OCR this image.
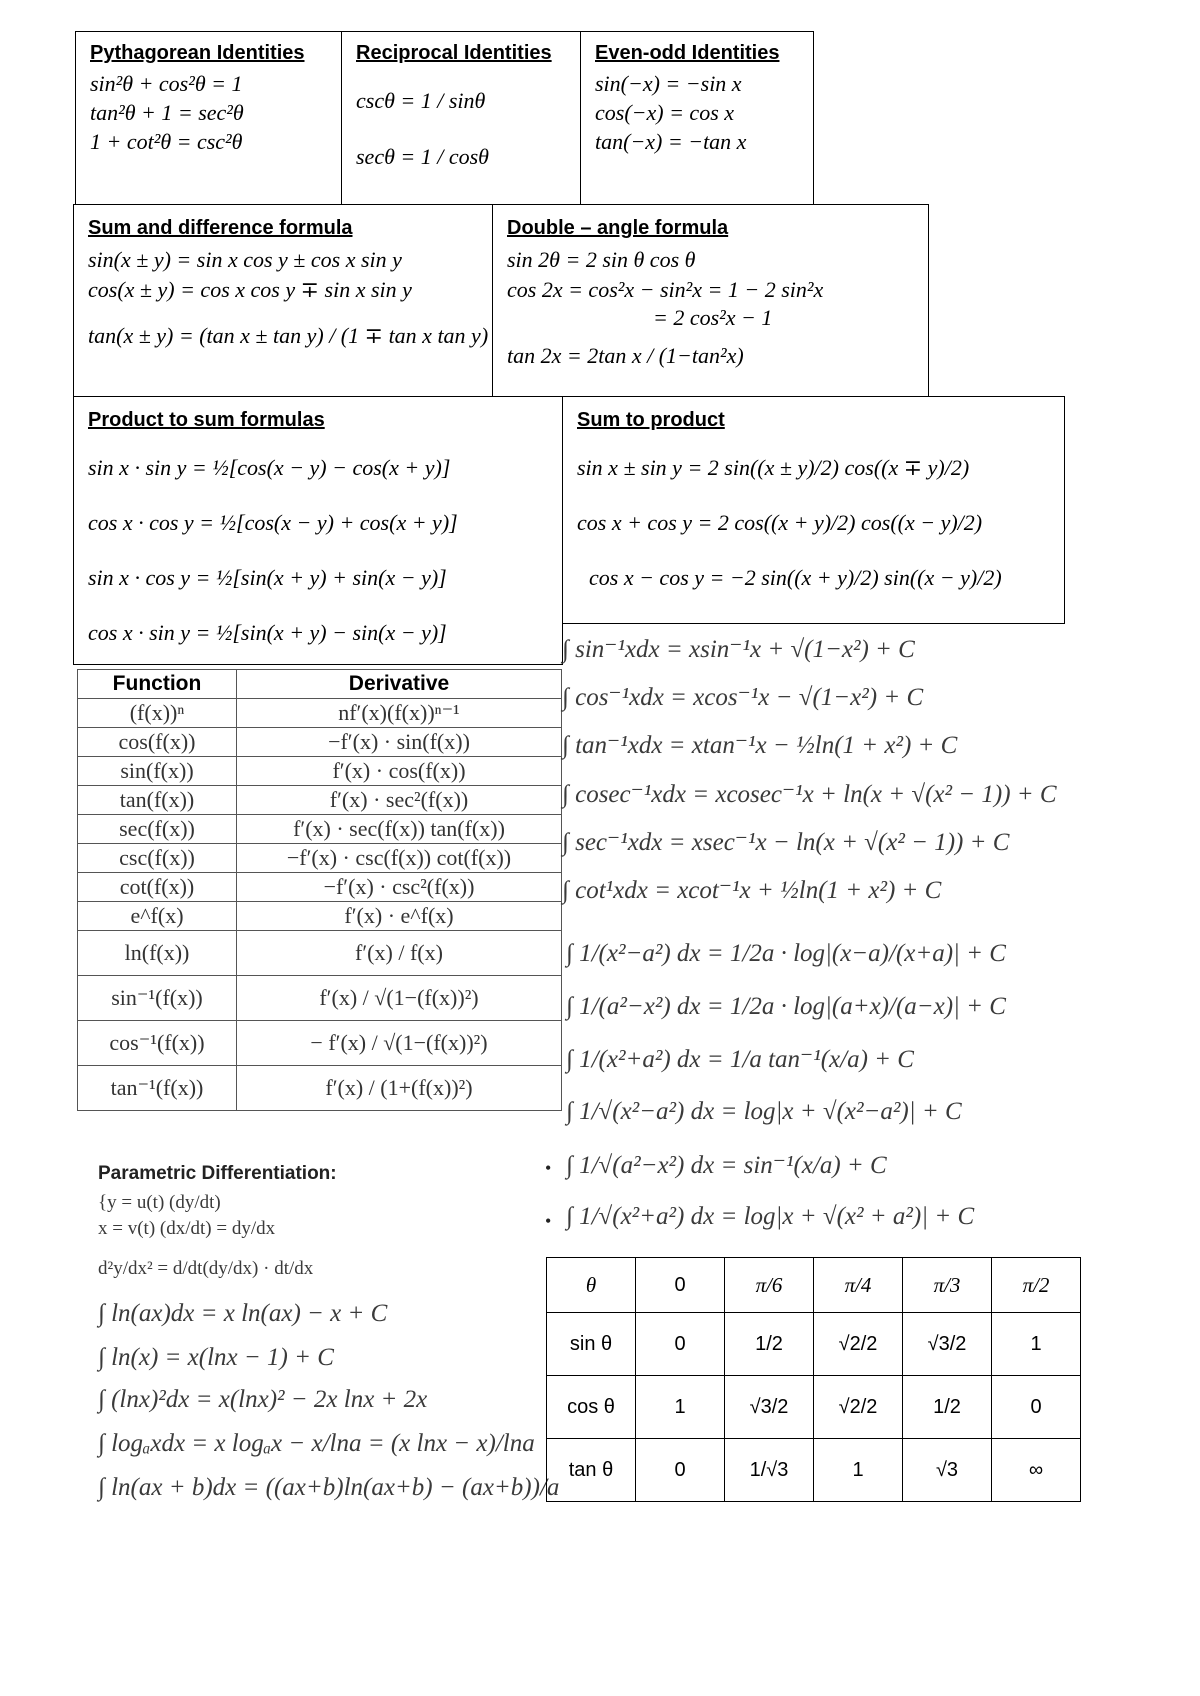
Pythagorean Identities
sin²θ + cos²θ = 1
tan²θ + 1 = sec²θ
1 + cot²θ = csc²θ
Reciprocal Identities
cscθ = 1 / sinθ
secθ = 1 / cosθ
Even-odd Identities
sin(−x) = −sin x
cos(−x) = cos x
tan(−x) = −tan x
Sum and difference formula
sin(x ± y) = sin x cos y ± cos x sin y
cos(x ± y) = cos x cos y ∓ sin x sin y
tan(x ± y) = (tan x ± tan y) / (1 ∓ tan x tan y)
Double – angle formula
sin 2θ = 2 sin θ cos θ
cos 2x = cos²x − sin²x = 1 − 2 sin²x
= 2 cos²x − 1
tan 2x = 2tan x / (1−tan²x)
Product to sum formulas
sin x · sin y = ½[cos(x − y) − cos(x + y)]
cos x · cos y = ½[cos(x − y) + cos(x + y)]
sin x · cos y = ½[sin(x + y) + sin(x − y)]
cos x · sin y = ½[sin(x + y) − sin(x − y)]
Sum to product
sin x ± sin y = 2 sin((x ± y)/2) cos((x ∓ y)/2)
cos x + cos y = 2 cos((x + y)/2) cos((x − y)/2)
cos x − cos y = −2 sin((x + y)/2) sin((x − y)/2)
Function	Derivative
(f(x))ⁿ	nf′(x)(f(x))ⁿ⁻¹
cos(f(x))	−f′(x) · sin(f(x))
sin(f(x))	f′(x) · cos(f(x))
tan(f(x))	f′(x) · sec²(f(x))
sec(f(x))	f′(x) · sec(f(x)) tan(f(x))
csc(f(x))	−f′(x) · csc(f(x)) cot(f(x))
cot(f(x))	−f′(x) · csc²(f(x))
e^f(x)	f′(x) · e^f(x)
ln(f(x))	f′(x) / f(x)
sin⁻¹(f(x))	f′(x) / √(1−(f(x))²)
cos⁻¹(f(x))	− f′(x) / √(1−(f(x))²)
tan⁻¹(f(x))	f′(x) / (1+(f(x))²)
∫ sin⁻¹xdx = xsin⁻¹x + √(1−x²) + C
∫ cos⁻¹xdx = xcos⁻¹x − √(1−x²) + C
∫ tan⁻¹xdx = xtan⁻¹x − ½ln(1 + x²) + C
∫ cosec⁻¹xdx = xcosec⁻¹x + ln(x + √(x² − 1)) + C
∫ sec⁻¹xdx = xsec⁻¹x − ln(x + √(x² − 1)) + C
∫ cot¹xdx = xcot⁻¹x + ½ln(1 + x²) + C
∫ 1/(x²−a²) dx = 1/2a · log|(x−a)/(x+a)| + C
∫ 1/(a²−x²) dx = 1/2a · log|(a+x)/(a−x)| + C
∫ 1/(x²+a²) dx = 1/a tan⁻¹(x/a) + C
∫ 1/√(x²−a²) dx = log|x + √(x²−a²)| + C
• ∫ 1/√(a²−x²) dx = sin⁻¹(x/a) + C
• ∫ 1/√(x²+a²) dx = log|x + √(x² + a²)| + C
Parametric Differentiation:
{y = u(t) (dy/dt)
x = v(t) (dx/dt) = dy/dx
d²y/dx² = d/dt(dy/dx) · dt/dx
∫ ln(ax)dx = x ln(ax) − x + C
∫ ln(x) = x(lnx − 1) + C
∫ (lnx)²dx = x(lnx)² − 2x lnx + 2x
∫ logₐxdx = x logₐx − x/lna = (x lnx − x)/lna
∫ ln(ax + b)dx = ((ax+b)ln(ax+b) − (ax+b))/a
θ	0	π/6	π/4	π/3	π/2
sin θ	0	1/2	√2/2	√3/2	1
cos θ	1	√3/2	√2/2	1/2	0
tan θ	0	1/√3	1	√3	∞
